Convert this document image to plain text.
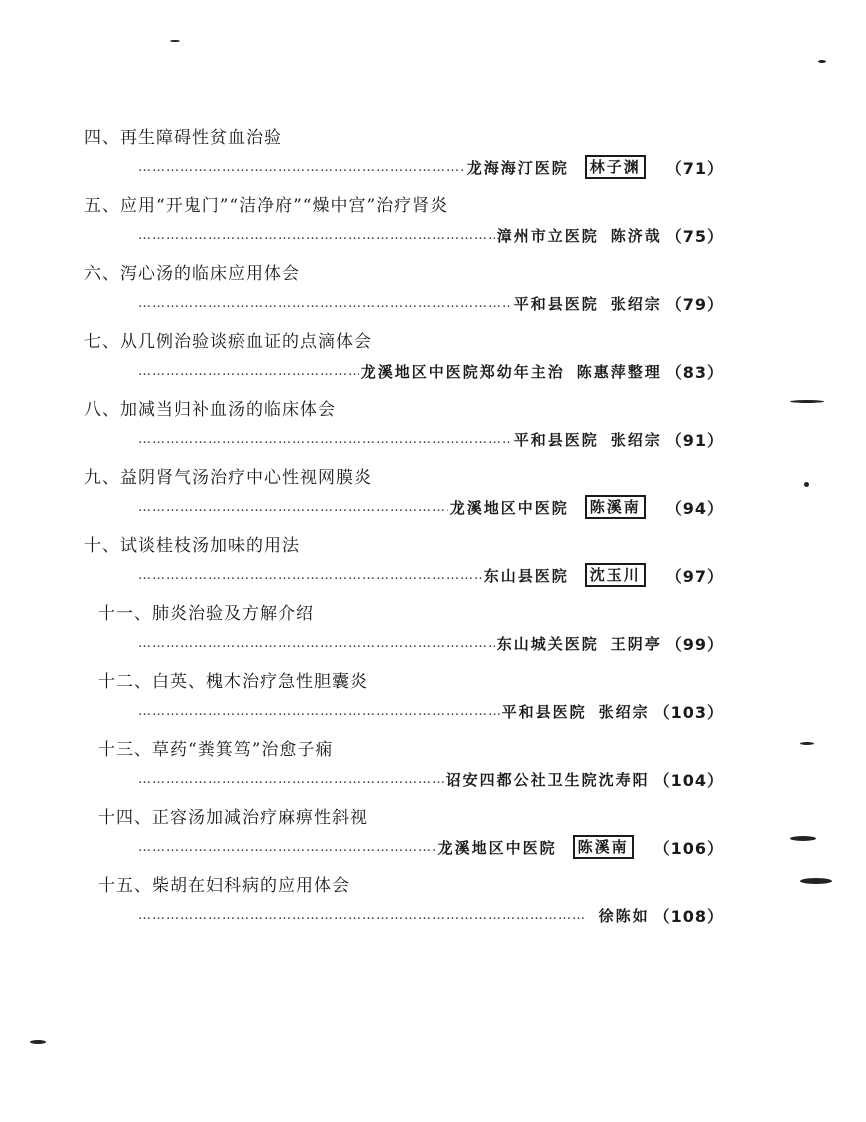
四、再生障碍性贫血治验
……………………………………………………………………………………………………………………………………
龙海海汀医院	林子渊	（71）
五、应用“开鬼门”“洁净府”“燥中宫”治疗肾炎
……………………………………………………………………………………………………………………………………
漳州市立医院 陈济哉 （75）
六、泻心汤的临床应用体会
……………………………………………………………………………………………………………………………………
平和县医院 张绍宗 （79）
七、从几例治验谈瘀血证的点滴体会
……………………………………………………………………………………………………………………………………
龙溪地区中医院郑幼年主治 陈惠萍整理 （83）
八、加减当归补血汤的临床体会
……………………………………………………………………………………………………………………………………
平和县医院 张绍宗 （91）
九、益阴肾气汤治疗中心性视网膜炎
……………………………………………………………………………………………………………………………………
龙溪地区中医院	陈溪南	（94）
十、试谈桂枝汤加味的用法
……………………………………………………………………………………………………………………………………
东山县医院	沈玉川	（97）
十一、肺炎治验及方解介绍
……………………………………………………………………………………………………………………………………
东山城关医院 王阴亭 （99）
十二、白英、槐木治疗急性胆囊炎
……………………………………………………………………………………………………………………………………
平和县医院 张绍宗 （103）
十三、草药“粪箕笃”治愈子痫
……………………………………………………………………………………………………………………………………
诏安四都公社卫生院沈寿阳 （104）
十四、正容汤加减治疗麻痹性斜视
……………………………………………………………………………………………………………………………………
龙溪地区中医院	陈溪南	（106）
十五、柴胡在妇科病的应用体会
……………………………………………………………………………………………………………………………………
徐陈如 （108）
